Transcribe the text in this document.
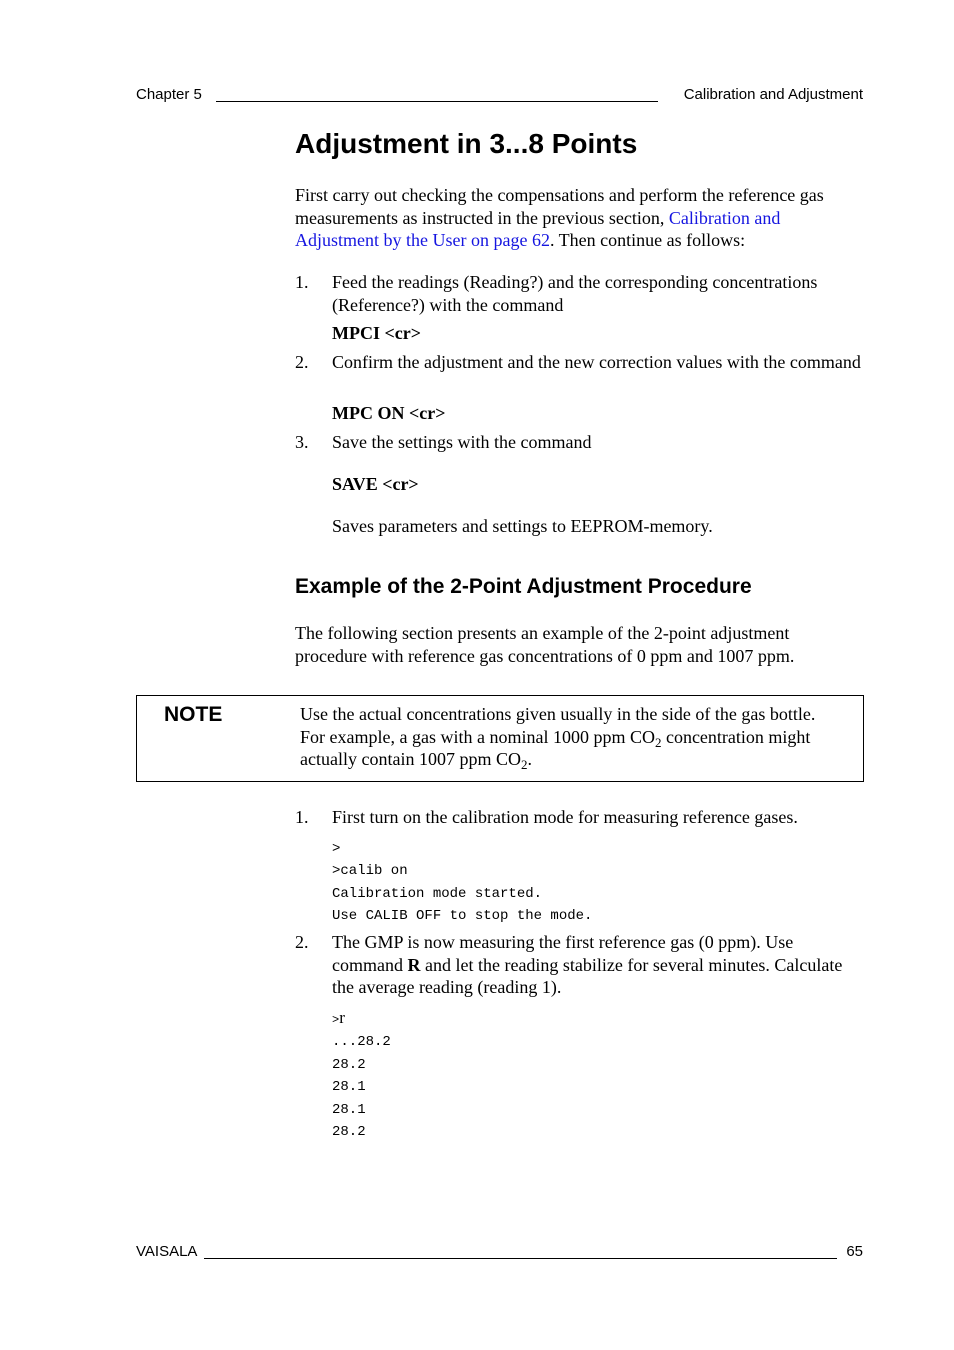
Chapter 5	Calibration and Adjustment
Adjustment in 3...8 Points
First carry out checking the compensations and perform the reference gas measurements as instructed in the previous section, Calibration and Adjustment by the User on page 62. Then continue as follows:
1. Feed the readings (Reading?) and the corresponding concentrations (Reference?) with the command
MPCI <cr>
2. Confirm the adjustment and the new correction values with the command
MPC ON <cr>
3. Save the settings with the command
SAVE <cr>
Saves parameters and settings to EEPROM-memory.
Example of the 2-Point Adjustment Procedure
The following section presents an example of the 2-point adjustment procedure with reference gas concentrations of 0 ppm and 1007 ppm.
NOTE	Use the actual concentrations given usually in the side of the gas bottle.
For example, a gas with a nominal 1000 ppm $CO_2$ concentration might
actually contain 1007 ppm $CO_2$.
1. First turn on the calibration mode for measuring reference gases.
>
>calib on
Calibration mode started.
Use CALIB OFF to stop the mode.
2. The GMP is now measuring the first reference gas (0 ppm). Use command R and let the reading stabilize for several minutes. Calculate the average reading (reading 1).
>r
...28.2
28.2
28.1
28.1
28.2
VAISALA	65
